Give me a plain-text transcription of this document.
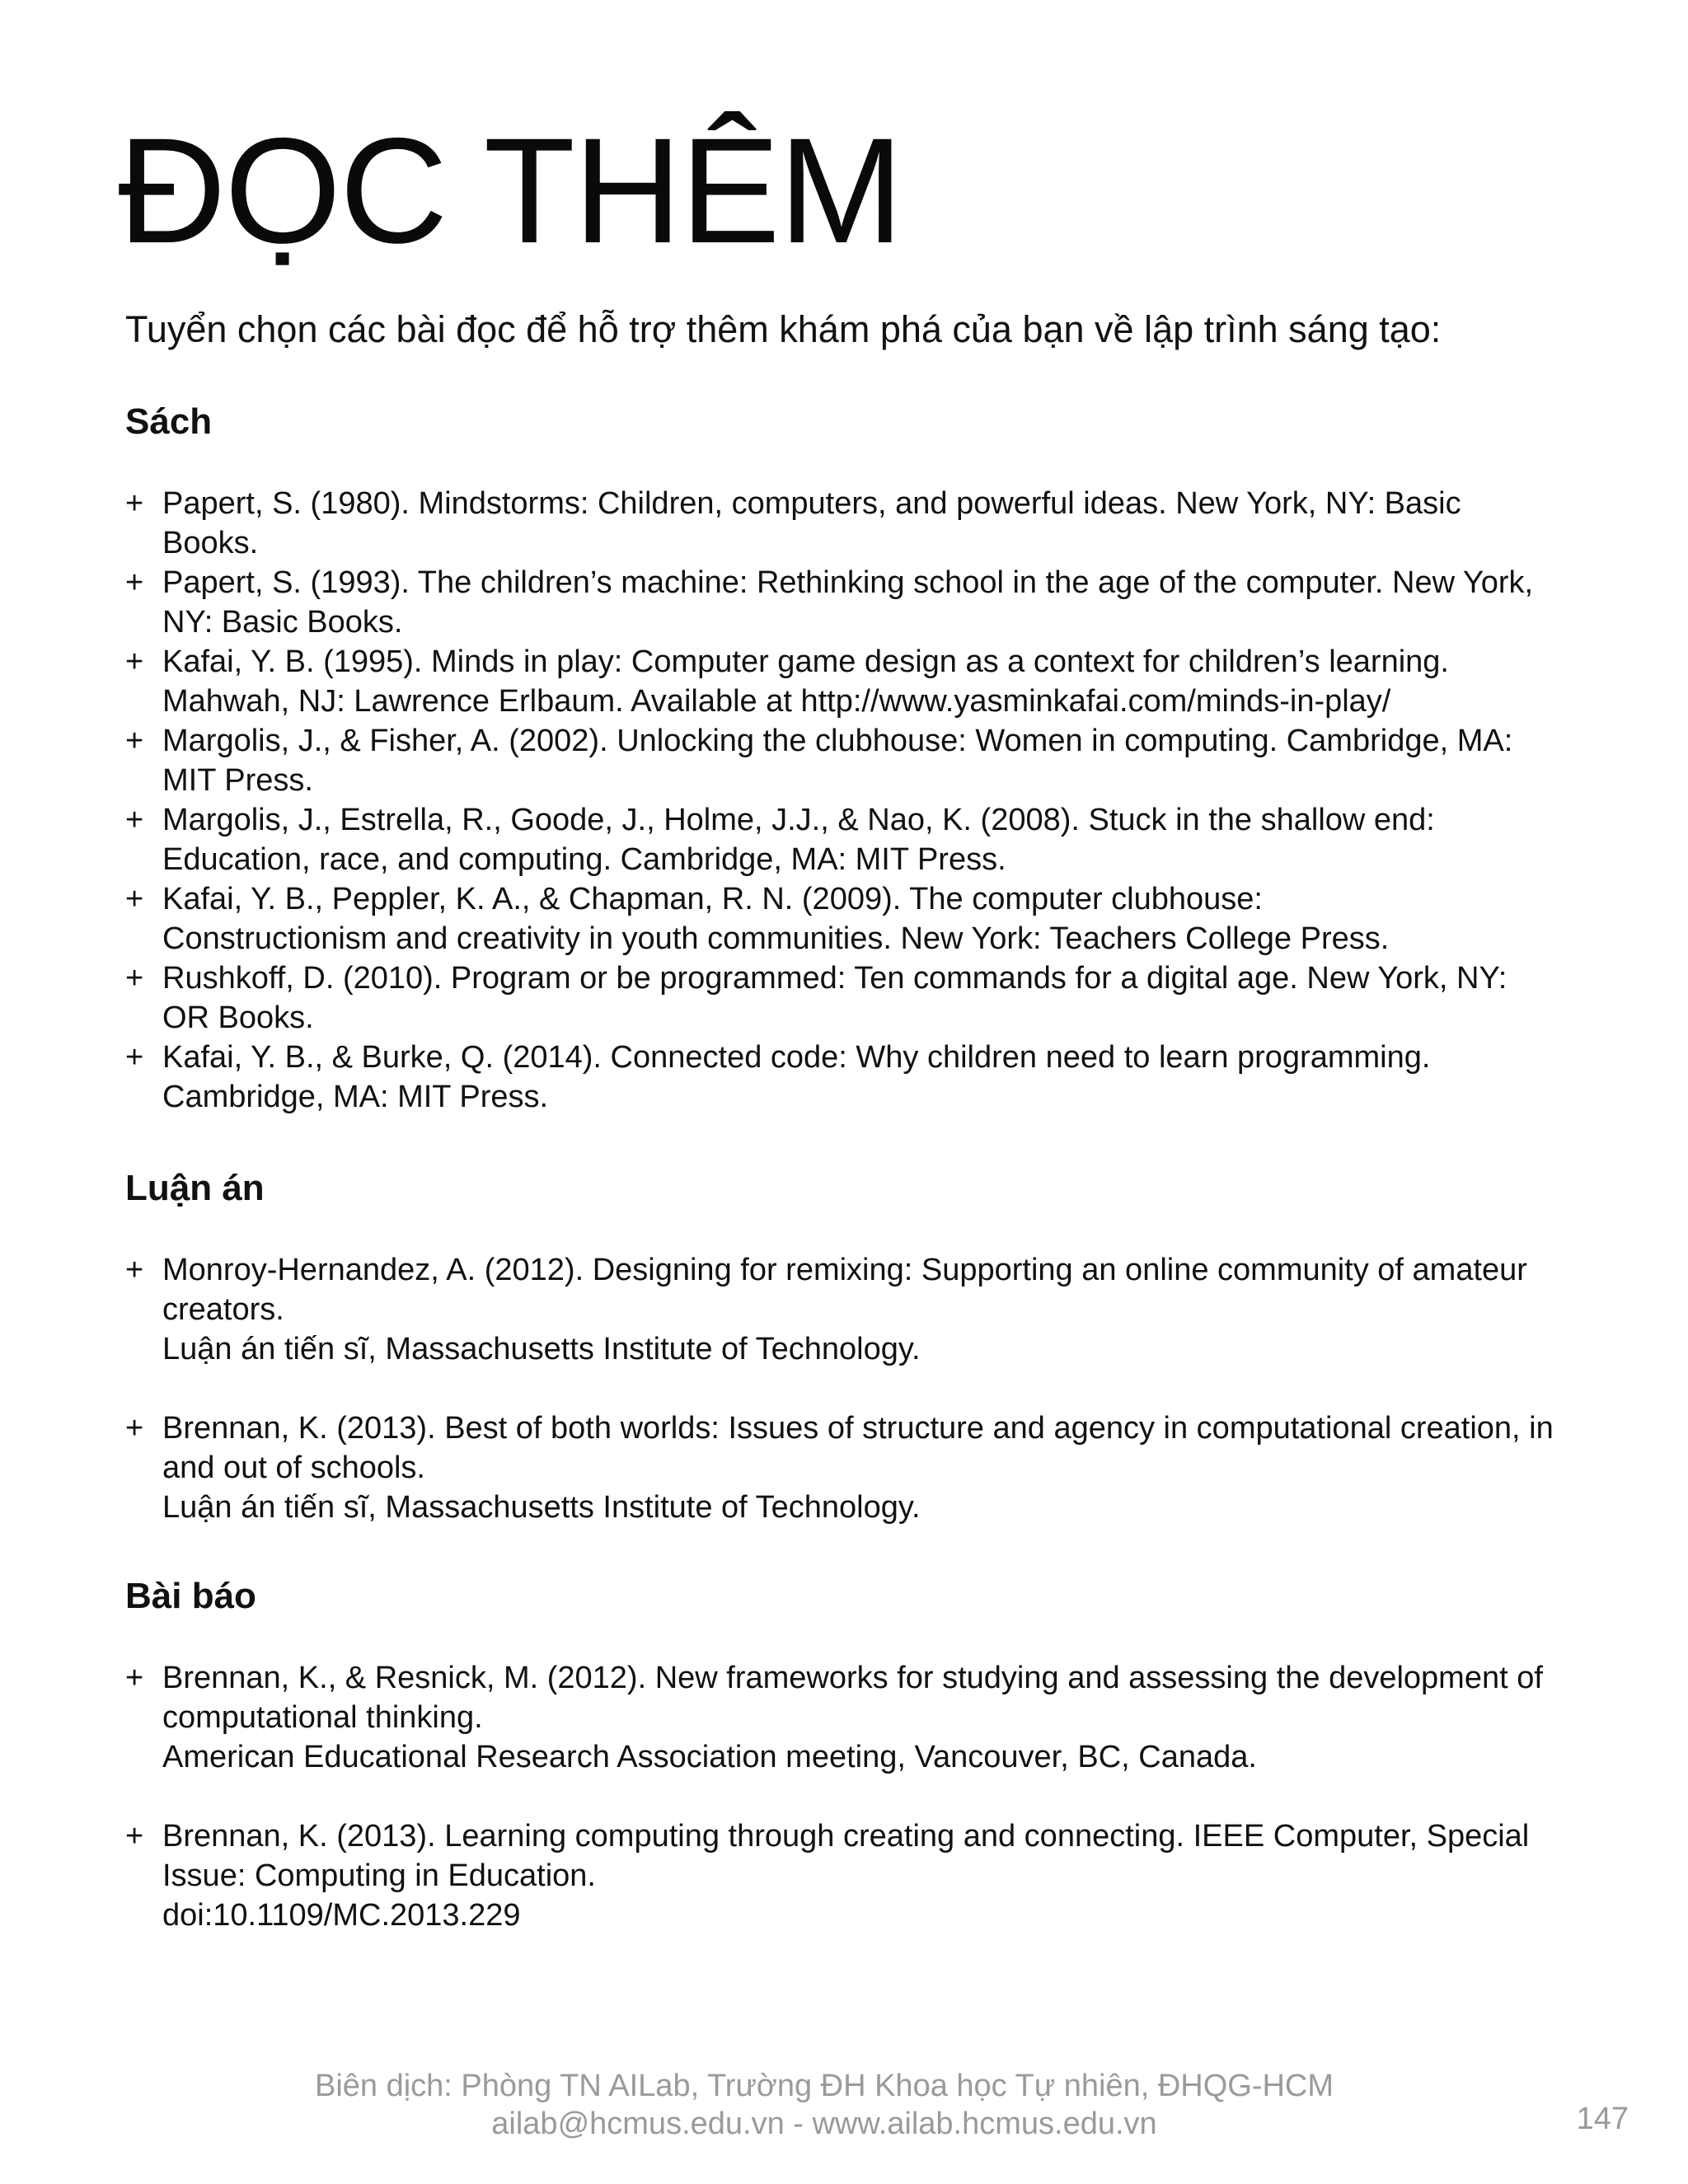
ĐỌC THÊM

Tuyển chọn các bài đọc để hỗ trợ thêm khám phá của bạn về lập trình sáng tạo:

Sách
+ Papert, S. (1980). Mindstorms: Children, computers, and powerful ideas. New York, NY: Basic Books.
+ Papert, S. (1993). The children’s machine: Rethinking school in the age of the computer. New York, NY: Basic Books.
+ Kafai, Y. B. (1995). Minds in play: Computer game design as a context for children’s learning.
Mahwah, NJ: Lawrence Erlbaum. Available at http://www.yasminkafai.com/minds-in-play/
+ Margolis, J., & Fisher, A. (2002). Unlocking the clubhouse: Women in computing. Cambridge, MA: MIT Press.
+ Margolis, J., Estrella, R., Goode, J., Holme, J.J., & Nao, K. (2008). Stuck in the shallow end:
Education, race, and computing. Cambridge, MA: MIT Press.
+ Kafai, Y. B., Peppler, K. A., & Chapman, R. N. (2009). The computer clubhouse:
Constructionism and creativity in youth communities. New York: Teachers College Press.
+ Rushkoff, D. (2010). Program or be programmed: Ten commands for a digital age. New York, NY: OR Books.
+ Kafai, Y. B., & Burke, Q. (2014). Connected code: Why children need to learn programming.
Cambridge, MA: MIT Press.
Luận án
+ Monroy-Hernandez, A. (2012). Designing for remixing: Supporting an online community of amateur creators.
Luận án tiến sĩ, Massachusetts Institute of Technology.
+ Brennan, K. (2013). Best of both worlds: Issues of structure and agency in computational creation, in and out of schools.
Luận án tiến sĩ, Massachusetts Institute of Technology.
Bài báo
+ Brennan, K., & Resnick, M. (2012). New frameworks for studying and assessing the development of computational thinking.
American Educational Research Association meeting, Vancouver, BC, Canada.
+ Brennan, K. (2013). Learning computing through creating and connecting. IEEE Computer, Special Issue: Computing in Education.
doi:10.1109/MC.2013.229
Biên dịch: Phòng TN AILab, Trường ĐH Khoa học Tự nhiên, ĐHQG-HCM
ailab@hcmus.edu.vn - www.ailab.hcmus.edu.vn	147
